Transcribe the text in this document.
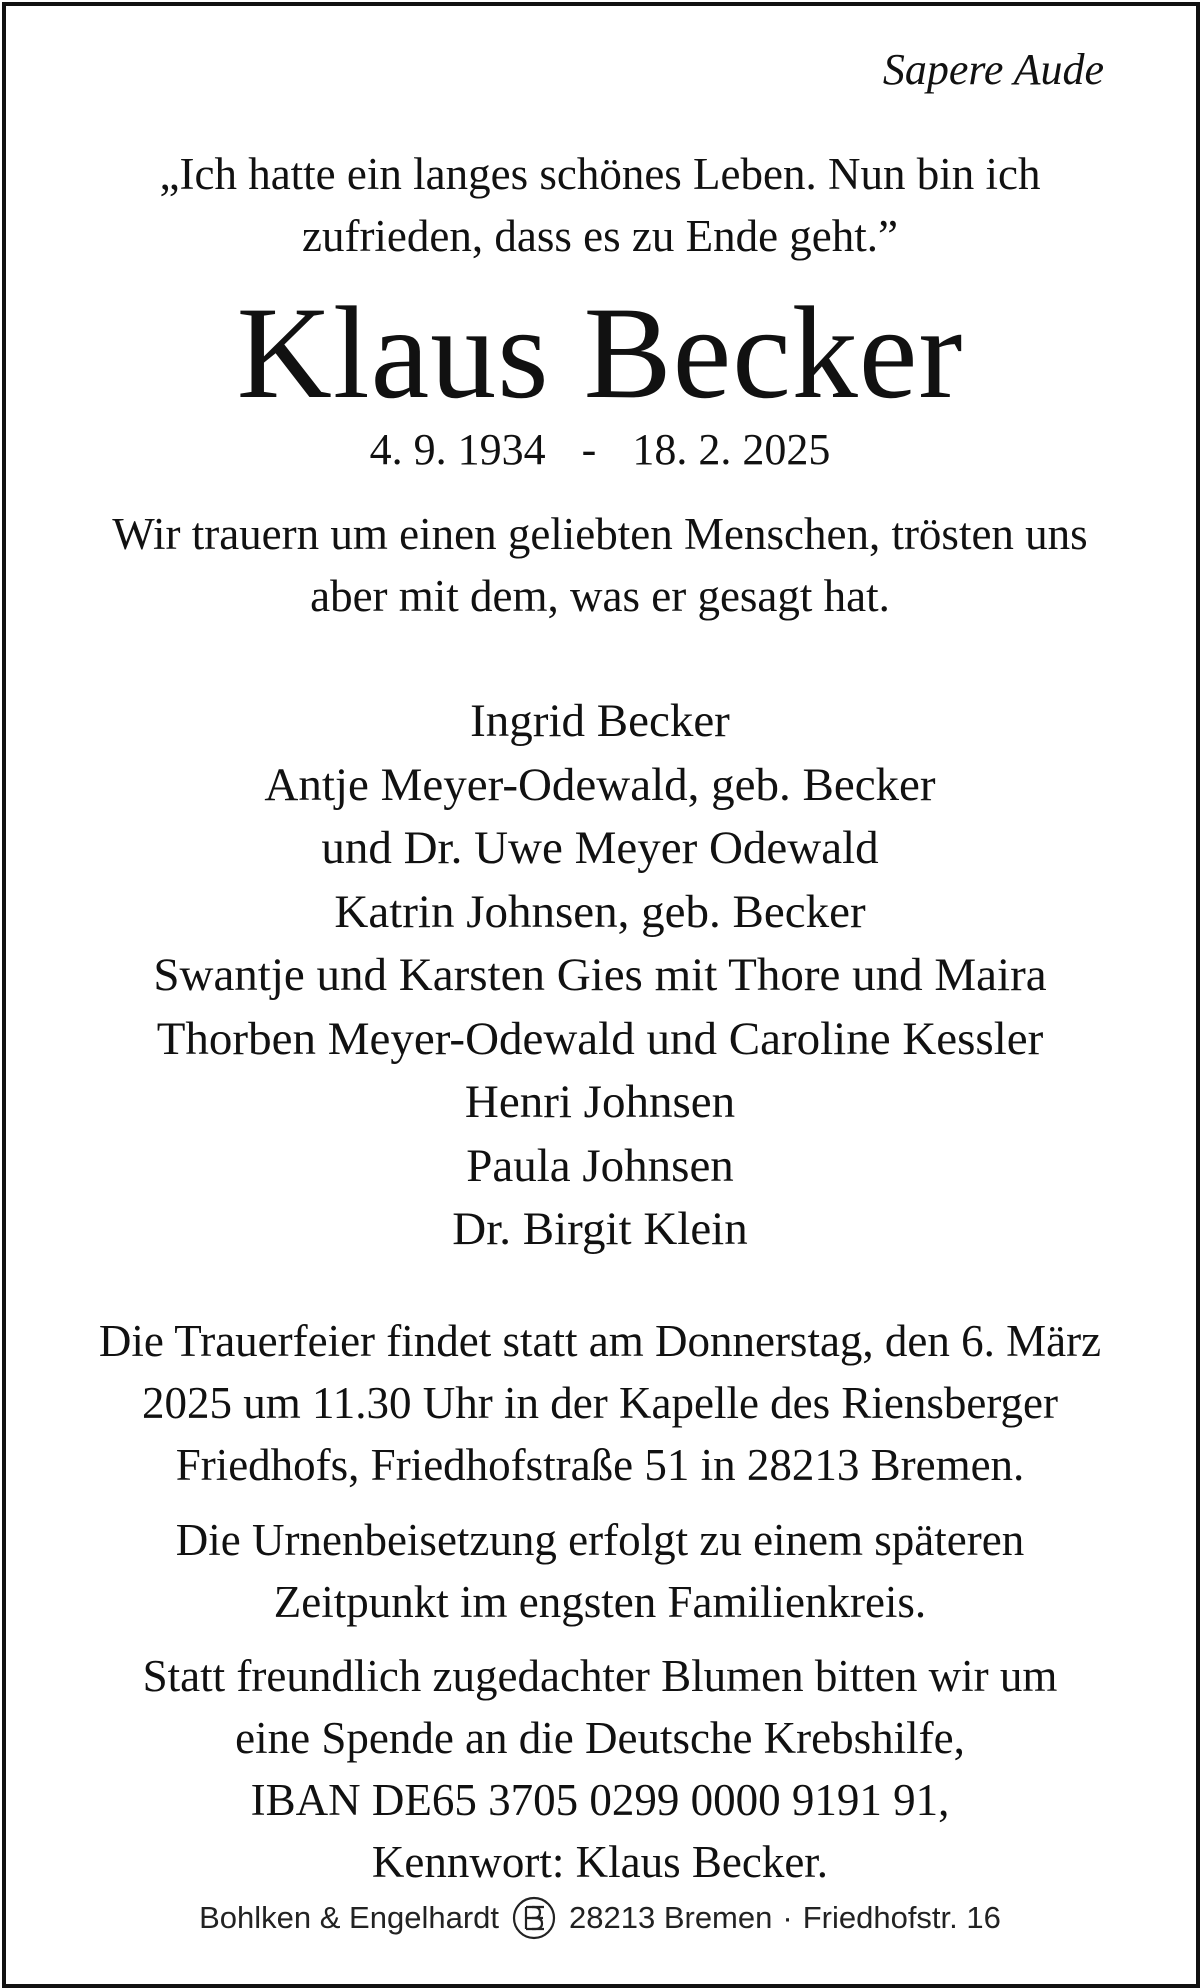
Sapere Aude
„Ich hatte ein langes schönes Leben. Nun bin ich
zufrieden, dass es zu Ende geht.”
Klaus Becker
4. 9. 1934 - 18. 2. 2025
Wir trauern um einen geliebten Menschen, trösten uns
aber mit dem, was er gesagt hat.
Ingrid Becker
Antje Meyer-Odewald, geb. Becker
und Dr. Uwe Meyer Odewald
Katrin Johnsen, geb. Becker
Swantje und Karsten Gies mit Thore und Maira
Thorben Meyer-Odewald und Caroline Kessler
Henri Johnsen
Paula Johnsen
Dr. Birgit Klein
Die Trauerfeier findet statt am Donnerstag, den 6. März
2025 um 11.30 Uhr in der Kapelle des Riensberger
Friedhofs, Friedhofstraße 51 in 28213 Bremen.
Die Urnenbeisetzung erfolgt zu einem späteren
Zeitpunkt im engsten Familienkreis.
Statt freundlich zugedachter Blumen bitten wir um
eine Spende an die Deutsche Krebshilfe,
IBAN DE65 3705 0299 0000 9191 91,
Kennwort: Klaus Becker.
Bohlken & Engelhardt 28213 Bremen · Friedhofstr. 16
